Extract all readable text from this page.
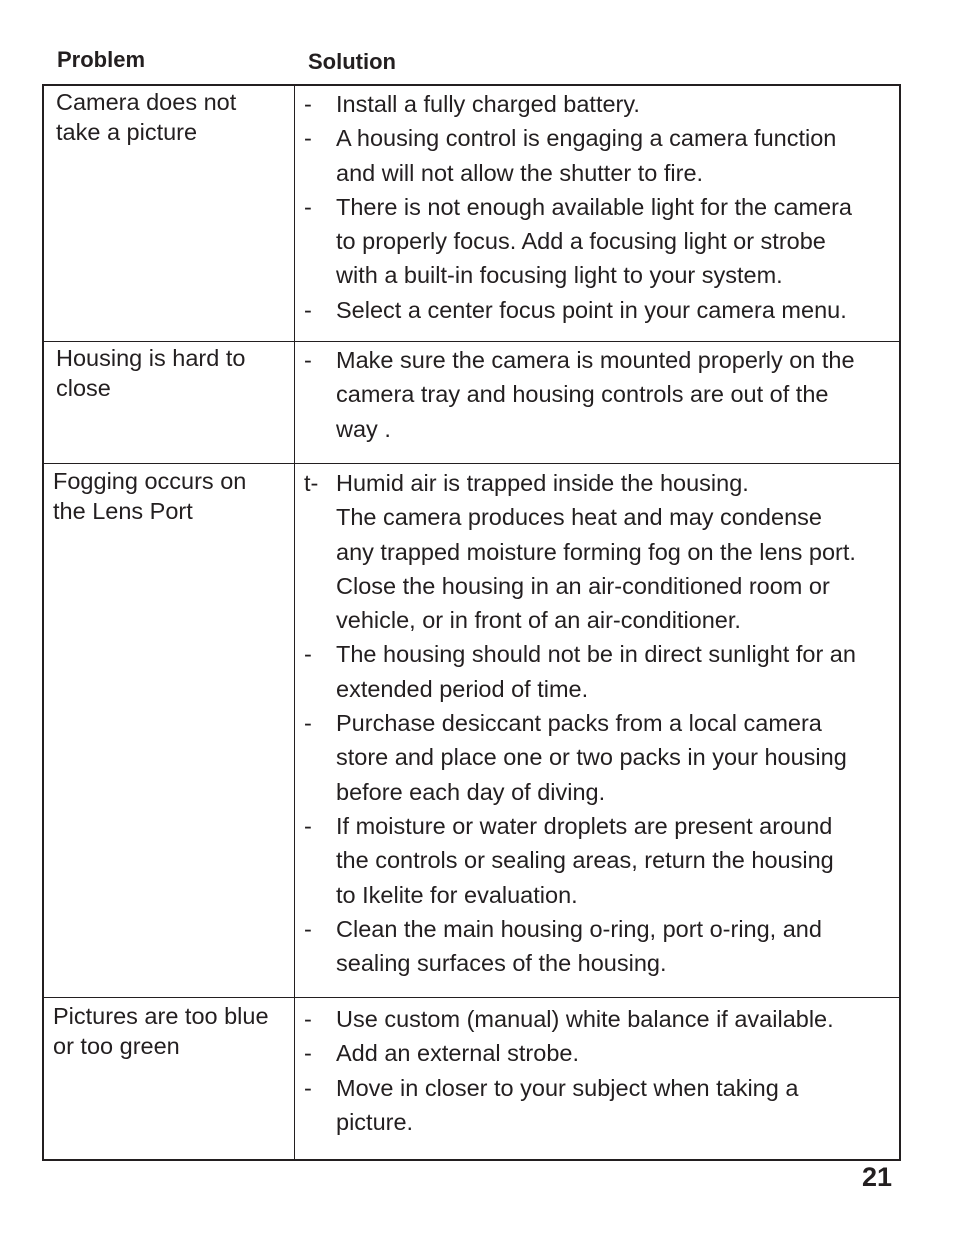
Problem	Solution
Camera does not
take a picture
- Install a fully charged battery.
- A housing control is engaging a camera function
and will not allow the shutter to fire.
- There is not enough available light for the camera
to properly focus. Add a focusing light or strobe
with a built-in focusing light to your system.
- Select a center focus point in your camera menu.
Housing is hard to
close
- Make sure the camera is mounted properly on the
camera tray and housing controls are out of the
way .
Fogging occurs on
the Lens Port
t- Humid air is trapped inside the housing.
The camera produces heat and may condense
any trapped moisture forming fog on the lens port.
Close the housing in an air-conditioned room or
vehicle, or in front of an air-conditioner.
- The housing should not be in direct sunlight for an
extended period of time.
- Purchase desiccant packs from a local camera
store and place one or two packs in your housing
before each day of diving.
- If moisture or water droplets are present around
the controls or sealing areas, return the housing
to Ikelite for evaluation.
- Clean the main housing o-ring, port o-ring, and
sealing surfaces of the housing.
Pictures are too blue
or too green
- Use custom (manual) white balance if available.
- Add an external strobe.
- Move in closer to your subject when taking a
picture.
21
